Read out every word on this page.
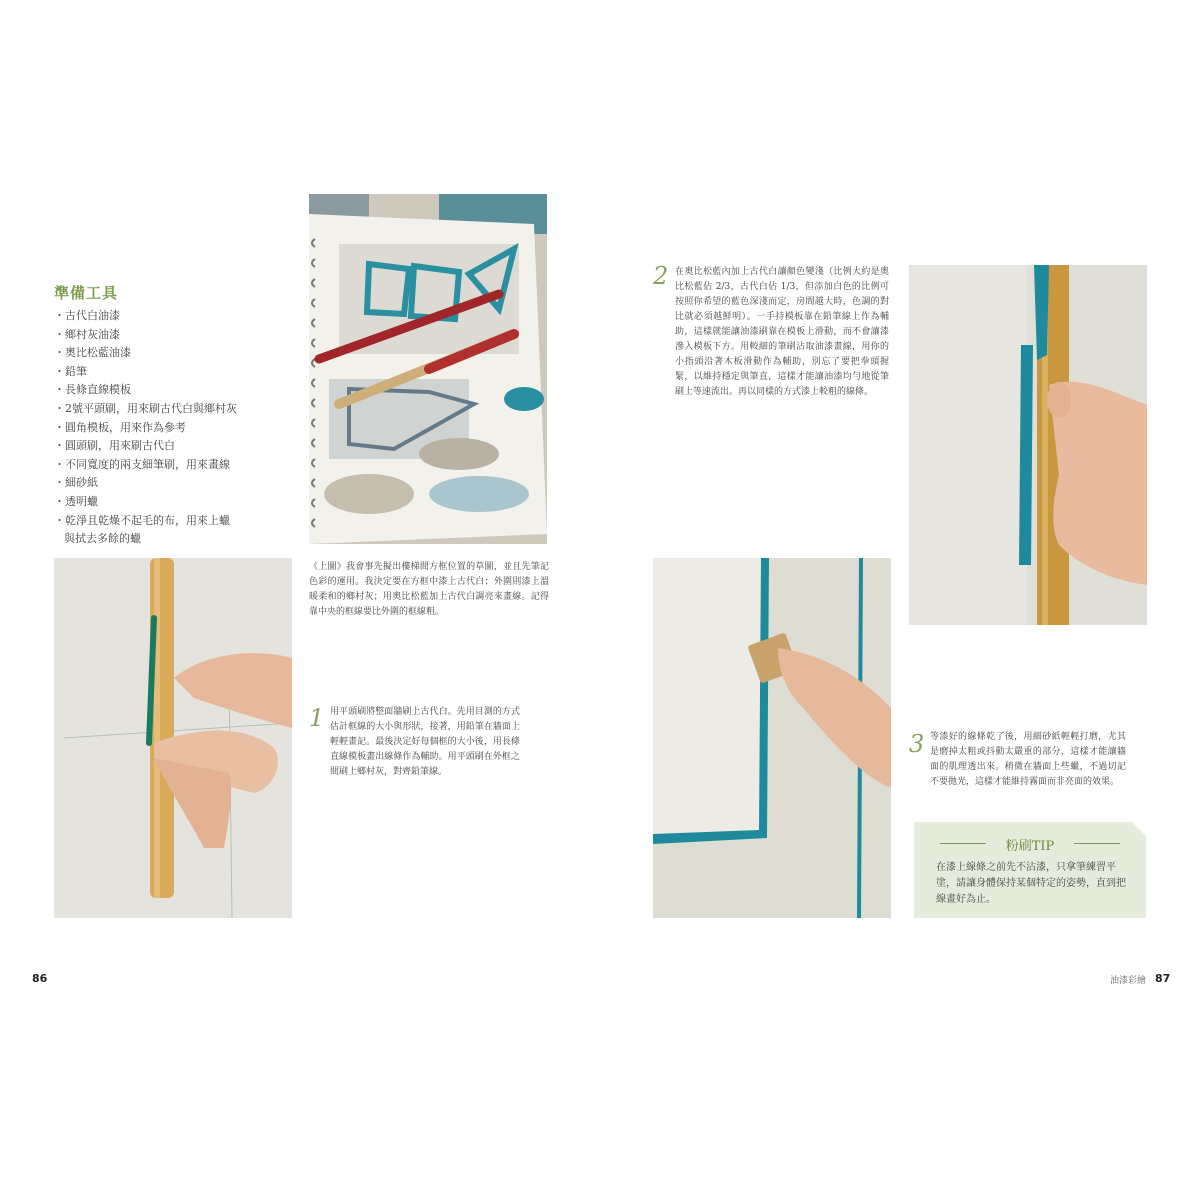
準備工具
・古代白油漆
・鄉村灰油漆
・奧比松藍油漆
・鉛筆
・長條直線模板
・2號平頭刷，用來刷古代白與鄉村灰
・圓角模板，用來作為參考
・圓頭刷，用來刷古代白
・不同寬度的兩支細筆刷，用來畫線
・細砂紙
・透明蠟
・乾淨且乾燥不起毛的布，用來上蠟
與拭去多餘的蠟
《上圖》我會事先擬出樓梯間方框位置的草圖，並且先筆記色彩的運用。我決定要在方框中漆上古代白；外圍則漆上溫暖柔和的鄉村灰；用奧比松藍加上古代白調亮來畫線。記得靠中央的框線要比外圍的框線粗。
1 用平頭刷將整面牆刷上古代白。先用目測的方式估計框線的大小與形狀，接著，用鉛筆在牆面上輕輕畫記。最後決定好每個框的大小後，用長條直線模板畫出線條作為輔助。用平頭刷在外框之間刷上鄉村灰，對齊鉛筆線。
2 在奧比松藍內加上古代白讓顏色變淺（比例大約是奧比松藍佔 2/3，古代白佔 1/3，但添加白色的比例可按照你希望的藍色深淺而定，房間越大時，色調的對比就必須越鮮明）。一手持模板靠在鉛筆線上作為輔助，這樣就能讓油漆刷靠在模板上滑動，而不會讓漆滲入模板下方。用較細的筆刷沾取油漆畫線，用你的小指頭沿著木板滑動作為輔助，別忘了要把拳頭握緊，以維持穩定與筆直，這樣才能讓油漆均勻地從筆刷上等速流出。再以同樣的方式漆上較粗的線條。
3 等漆好的線條乾了後，用細砂紙輕輕打磨，尤其是磨掉太粗或抖動太嚴重的部分，這樣才能讓牆面的肌理透出來。稍微在牆面上些蠟，不過切記不要拋光，這樣才能維持霧面而非亮面的效果。
粉刷TIP
在漆上線條之前先不沾漆，只拿筆練習平塗，請讓身體保持某個特定的姿勢，直到把線畫好為止。
86	油漆彩繪 87
